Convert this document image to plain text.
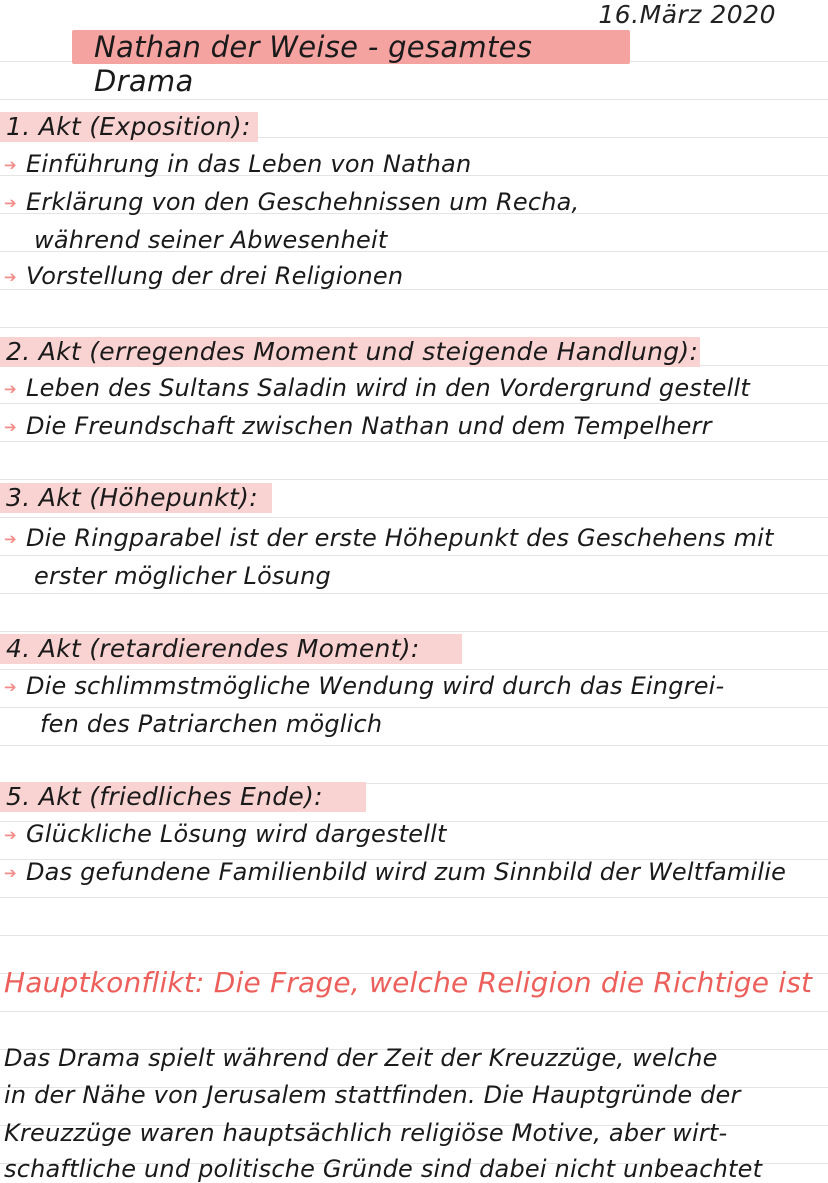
16.März 2020
Nathan der Weise - gesamtes Drama
1. Akt (Exposition):
➔ Einführung in das Leben von Nathan
➔ Erklärung von den Geschehnissen um Recha,
während seiner Abwesenheit
➔ Vorstellung der drei Religionen
2. Akt (erregendes Moment und steigende Handlung):
➔ Leben des Sultans Saladin wird in den Vordergrund gestellt
➔ Die Freundschaft zwischen Nathan und dem Tempelherr
3. Akt (Höhepunkt):
➔ Die Ringparabel ist der erste Höhepunkt des Geschehens mit
erster möglicher Lösung
4. Akt (retardierendes Moment):
➔ Die schlimmstmögliche Wendung wird durch das Eingrei-
fen des Patriarchen möglich
5. Akt (friedliches Ende):
➔ Glückliche Lösung wird dargestellt
➔ Das gefundene Familienbild wird zum Sinnbild der Weltfamilie
Hauptkonflikt: Die Frage, welche Religion die Richtige ist
Das Drama spielt während der Zeit der Kreuzzüge, welche
in der Nähe von Jerusalem stattfinden. Die Hauptgründe der
Kreuzzüge waren hauptsächlich religiöse Motive, aber wirt-
schaftliche und politische Gründe sind dabei nicht unbeachtet
